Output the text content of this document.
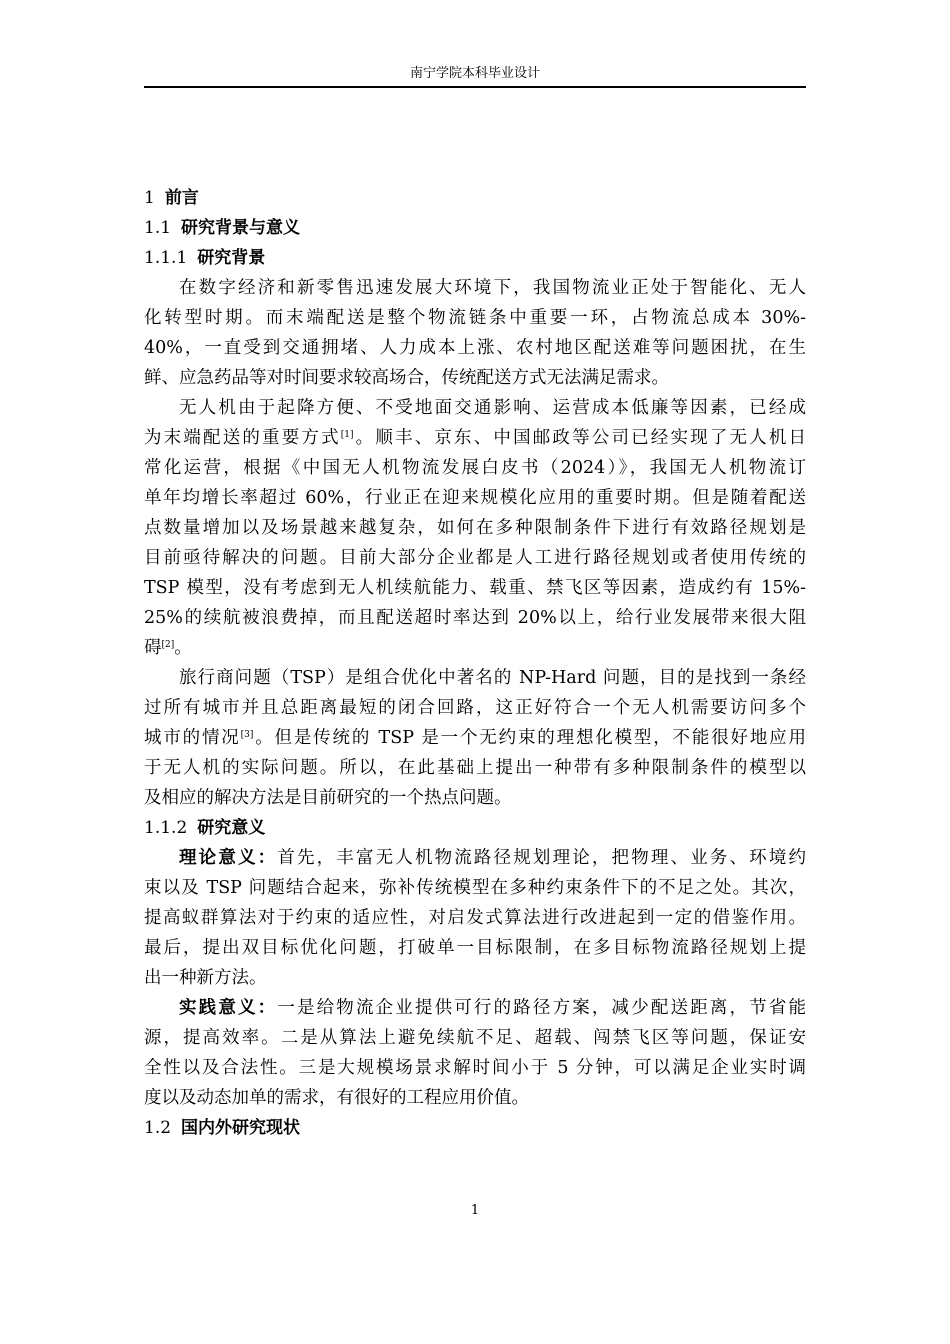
南宁学院本科毕业设计
1 前言
1.1 研究背景与意义
1.1.1 研究背景
在数字经济和新零售迅速发展大环境下，我国物流业正处于智能化、无人
化转型时期。而末端配送是整个物流链条中重要一环，占物流总成本 30%-
40%，一直受到交通拥堵、人力成本上涨、农村地区配送难等问题困扰，在生
鲜、应急药品等对时间要求较高场合，传统配送方式无法满足需求。
无人机由于起降方便、不受地面交通影响、运营成本低廉等因素，已经成
为末端配送的重要方式[1]。顺丰、京东、中国邮政等公司已经实现了无人机日
常化运营，根据《中国无人机物流发展白皮书（2024）》，我国无人机物流订
单年均增长率超过 60%，行业正在迎来规模化应用的重要时期。但是随着配送
点数量增加以及场景越来越复杂，如何在多种限制条件下进行有效路径规划是
目前亟待解决的问题。目前大部分企业都是人工进行路径规划或者使用传统的
TSP 模型，没有考虑到无人机续航能力、载重、禁飞区等因素，造成约有 15%-
25%的续航被浪费掉，而且配送超时率达到 20%以上，给行业发展带来很大阻
碍[2]。
旅行商问题（TSP）是组合优化中著名的 NP-Hard 问题，目的是找到一条经
过所有城市并且总距离最短的闭合回路，这正好符合一个无人机需要访问多个
城市的情况[3]。但是传统的 TSP 是一个无约束的理想化模型，不能很好地应用
于无人机的实际问题。所以，在此基础上提出一种带有多种限制条件的模型以
及相应的解决方法是目前研究的一个热点问题。
1.1.2 研究意义
理论意义：首先，丰富无人机物流路径规划理论，把物理、业务、环境约
束以及 TSP 问题结合起来，弥补传统模型在多种约束条件下的不足之处。其次，
提高蚁群算法对于约束的适应性，对启发式算法进行改进起到一定的借鉴作用。
最后，提出双目标优化问题，打破单一目标限制，在多目标物流路径规划上提
出一种新方法。
实践意义：一是给物流企业提供可行的路径方案，减少配送距离，节省能
源，提高效率。二是从算法上避免续航不足、超载、闯禁飞区等问题，保证安
全性以及合法性。三是大规模场景求解时间小于 5 分钟，可以满足企业实时调
度以及动态加单的需求，有很好的工程应用价值。
1.2 国内外研究现状
1
